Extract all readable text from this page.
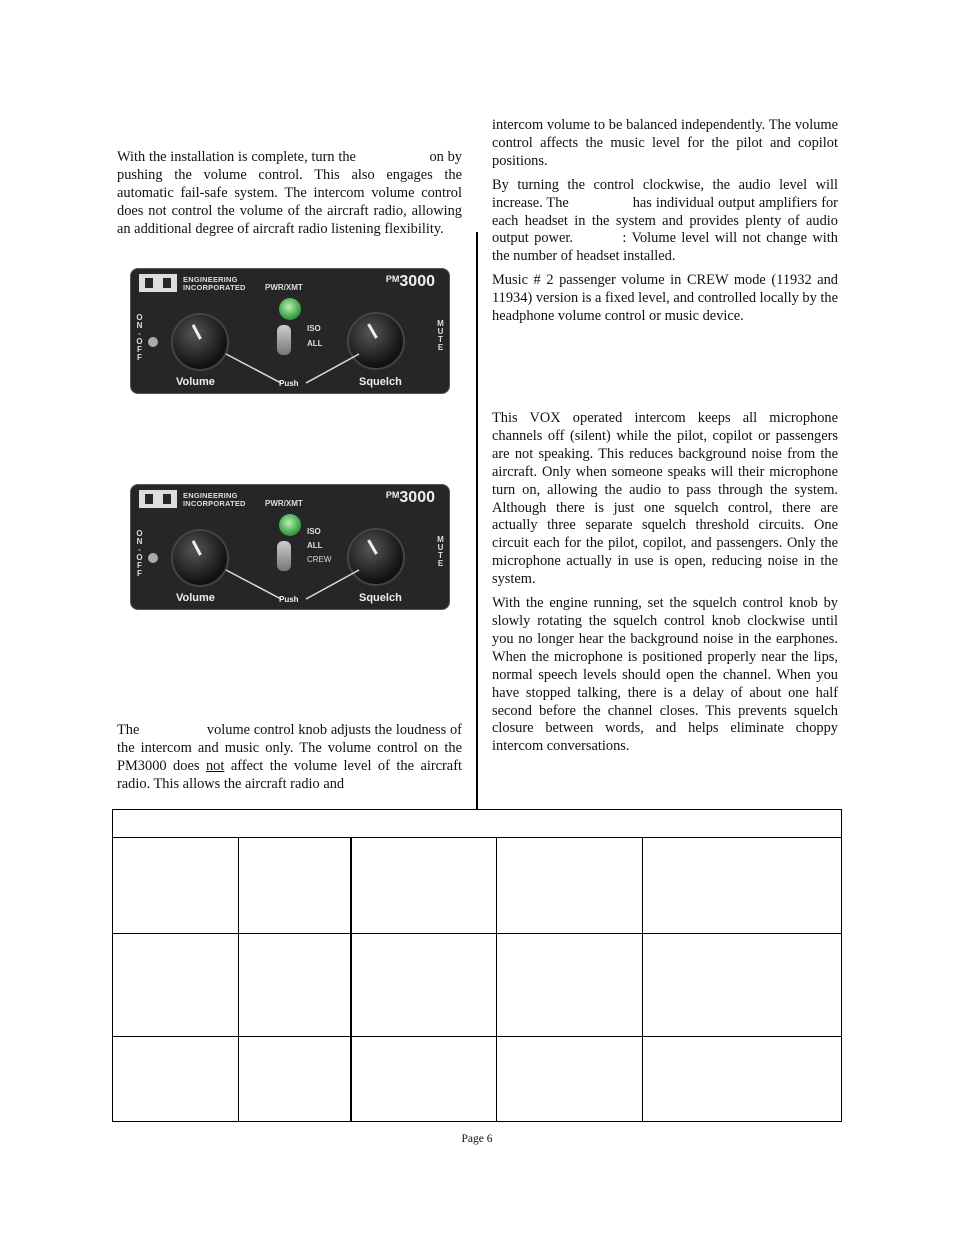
With the installation is complete, turn the	on by pushing the volume control. This also engages the automatic fail-safe system. The intercom volume control does not control the volume of the aircraft radio, allowing an additional degree of aircraft radio listening flexibility.

ENGINEERING
INCORPORATED
$^{PM}$3000
PWR/XMT
ON-OFF	MUTE
ISO
ALL
Volume	Push	Squelch
ENGINEERING
INCORPORATED
$^{PM}$3000
PWR/XMT
ON-OFF	MUTE
ISO
ALL
CREW
Volume	Push	Squelch

The	volume control knob adjusts the loudness of the intercom and music only. The volume control on the PM3000 does not affect the volume level of the aircraft radio. This allows the aircraft radio and

intercom volume to be balanced independently. The volume control affects the music level for the pilot and copilot positions.

By turning the control clockwise, the audio level will increase. The	has individual output amplifiers for each headset in the system and provides plenty of audio output power.	: Volume level will not change with the number of headset installed.

Music # 2 passenger volume in CREW mode (11932 and 11934) version is a fixed level, and controlled locally by the headphone volume control or music device.

This VOX operated intercom keeps all microphone channels off (silent) while the pilot, copilot or passengers are not speaking. This reduces background noise from the aircraft. Only when someone speaks will their microphone turn on, allowing the audio to pass through the system. Although there is just one squelch control, there are actually three separate squelch threshold circuits. One circuit each for the pilot, copilot, and passengers. Only the microphone actually in use is open, reducing noise in the system.

With the engine running, set the squelch control knob by slowly rotating the squelch control knob clockwise until you no longer hear the background noise in the earphones. When the microphone is positioned properly near the lips, normal speech levels should open the channel. When you have stopped talking, there is a delay of about one half second before the channel closes. This prevents squelch closure between words, and helps eliminate choppy intercom conversations.

Page 6
